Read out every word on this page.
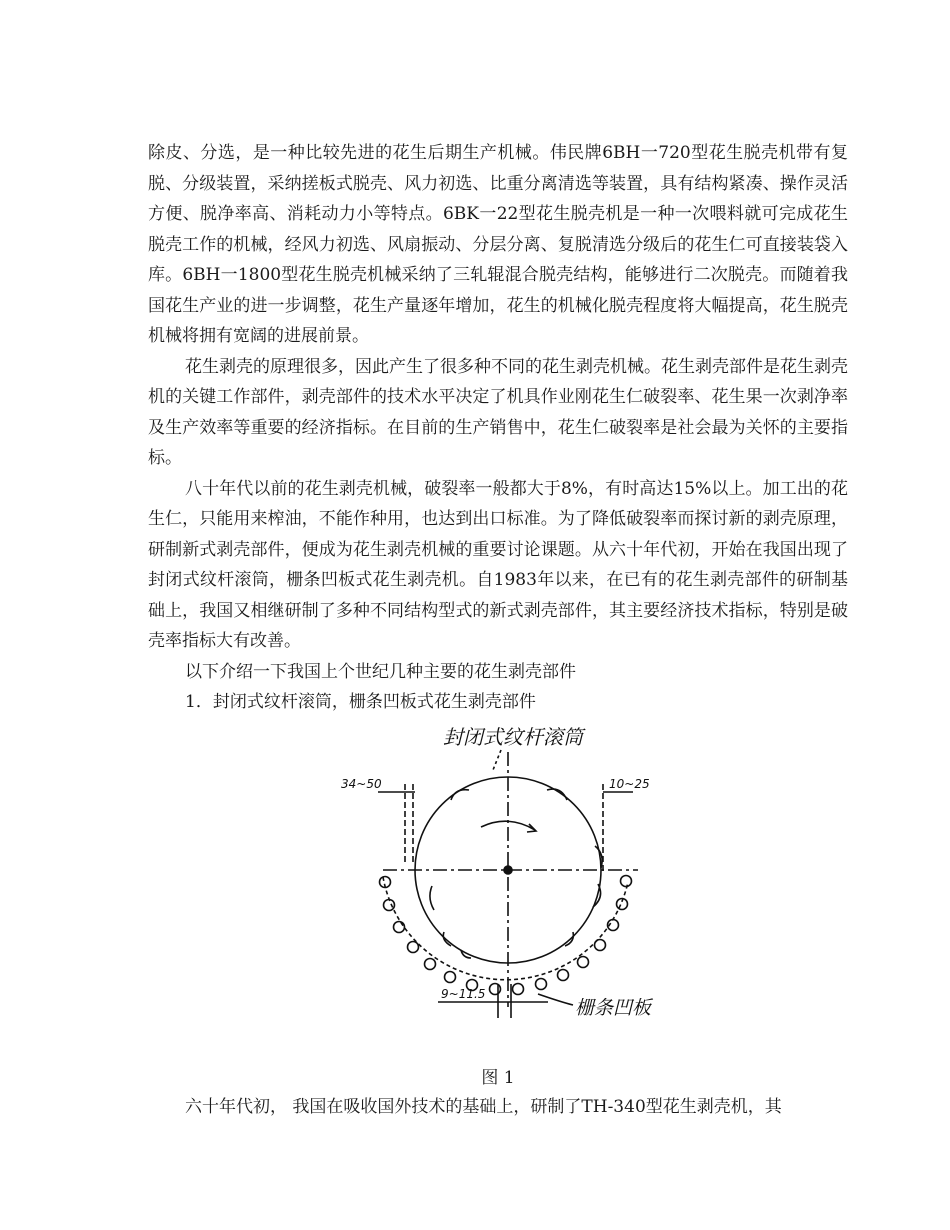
除皮、分选，是一种比较先进的花生后期生产机械。伟民牌6BH一720型花生脱壳机带有复脱、分级装置，采纳搓板式脱壳、风力初选、比重分离清选等装置，具有结构紧凑、操作灵活方便、脱净率高、消耗动力小等特点。6BK一22型花生脱壳机是一种一次喂料就可完成花生脱壳工作的机械，经风力初选、风扇振动、分层分离、复脱清选分级后的花生仁可直接装袋入库。6BH一1800型花生脱壳机械采纳了三轧辊混合脱壳结构，能够进行二次脱壳。而随着我国花生产业的进一步调整，花生产量逐年增加，花生的机械化脱壳程度将大幅提高，花生脱壳机械将拥有宽阔的进展前景。

花生剥壳的原理很多，因此产生了很多种不同的花生剥壳机械。花生剥壳部件是花生剥壳机的关键工作部件，剥壳部件的技术水平决定了机具作业刚花生仁破裂率、花生果一次剥净率及生产效率等重要的经济指标。在目前的生产销售中，花生仁破裂率是社会最为关怀的主要指标。

八十年代以前的花生剥壳机械，破裂率一般都大于8%，有时高达15%以上。加工出的花生仁，只能用来榨油，不能作种用，也达到出口标准。为了降低破裂率而探讨新的剥壳原理，研制新式剥壳部件，便成为花生剥壳机械的重要讨论课题。从六十年代初，开始在我国出现了封闭式纹杆滚筒，栅条凹板式花生剥壳机。自1983年以来，在已有的花生剥壳部件的研制基础上，我国又相继研制了多种不同结构型式的新式剥壳部件，其主要经济技术指标，特别是破壳率指标大有改善。

以下介绍一下我国上个世纪几种主要的花生剥壳部件

1．封闭式纹杆滚筒，栅条凹板式花生剥壳部件

封闭式纹杆滚筒
34~50	10~25
9~11.5
栅条凹板
图 1

六十年代初， 我国在吸收国外技术的基础上，研制了TH-340型花生剥壳机，其
